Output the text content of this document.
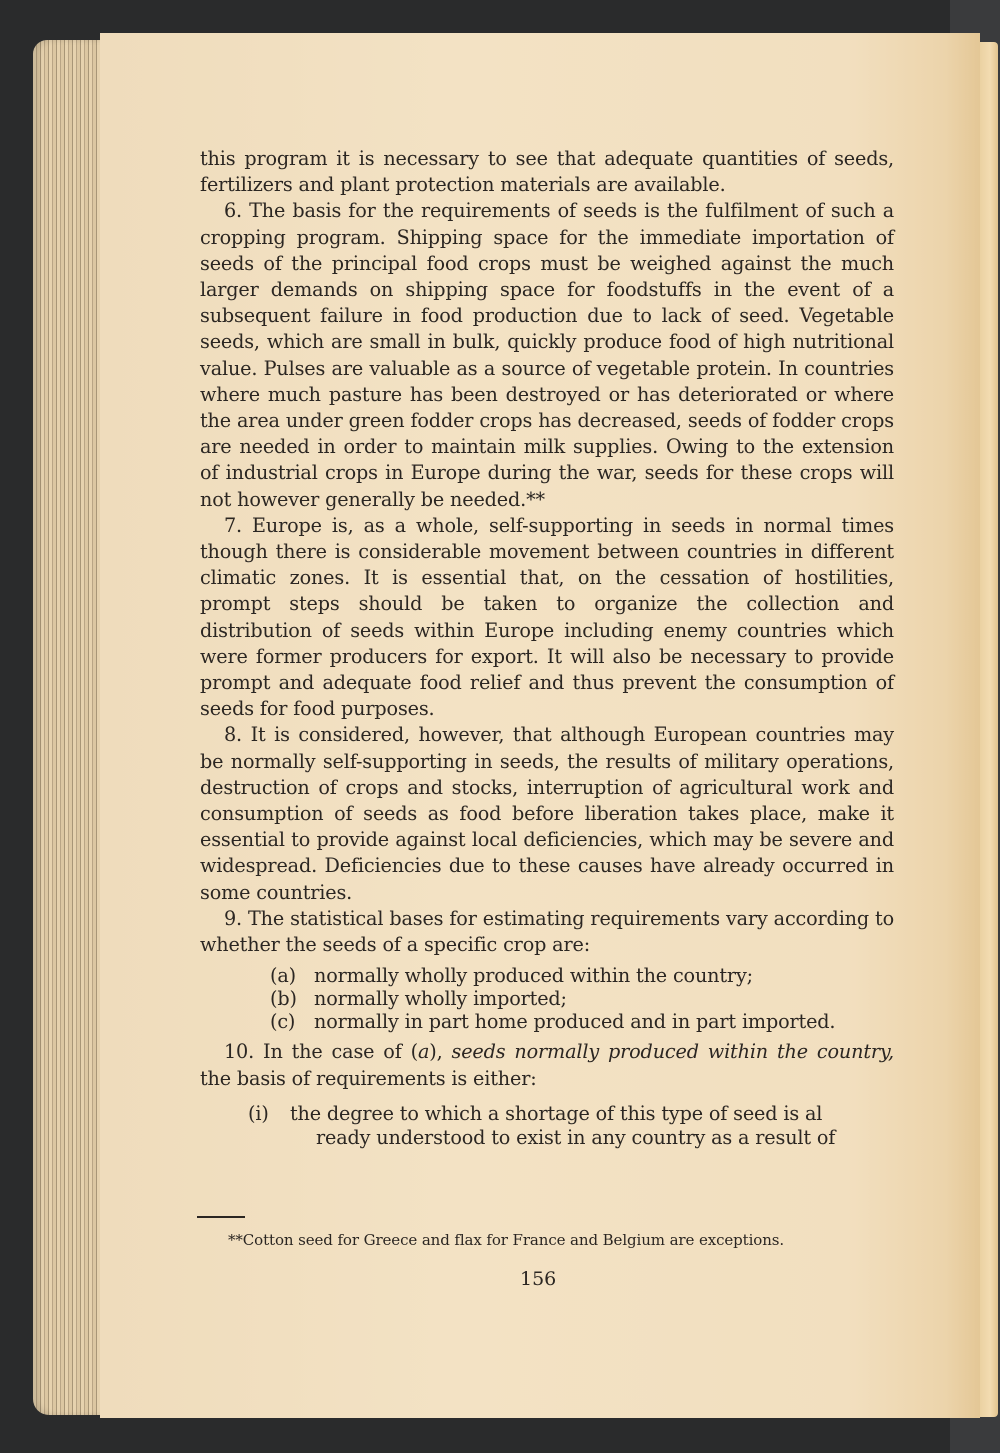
this program it is necessary to see that adequate quantities of seeds, fertilizers and plant protection materials are available.

6. The basis for the requirements of seeds is the fulfilment of such a cropping program. Shipping space for the immediate importation of seeds of the principal food crops must be weighed against the much larger demands on shipping space for foodstuffs in the event of a subsequent failure in food production due to lack of seed. Vegetable seeds, which are small in bulk, quickly produce food of high nutritional value. Pulses are valuable as a source of vegetable protein. In countries where much pasture has been destroyed or has deteriorated or where the area under green fodder crops has decreased, seeds of fodder crops are needed in order to maintain milk supplies. Owing to the extension of industrial crops in Europe during the war, seeds for these crops will not however generally be needed.**

7. Europe is, as a whole, self-supporting in seeds in normal times though there is considerable movement between countries in different climatic zones. It is essential that, on the cessation of hostilities, prompt steps should be taken to organize the collection and distribution of seeds within Europe including enemy countries which were former producers for export. It will also be necessary to provide prompt and adequate food relief and thus prevent the consumption of seeds for food purposes.

8. It is considered, however, that although European countries may be normally self-supporting in seeds, the results of military operations, destruction of crops and stocks, interruption of agricultural work and consumption of seeds as food before liberation takes place, make it essential to provide against local deficiencies, which may be severe and widespread. Deficiencies due to these causes have already occurred in some countries.

9. The statistical bases for estimating requirements vary according to whether the seeds of a specific crop are:

(a) normally wholly produced within the country;
(b) normally wholly imported;
(c) normally in part home produced and in part imported.

10. In the case of (a), seeds normally produced within the country, the basis of requirements is either:

(i)	the degree to which a shortage of this type of seed is al
ready understood to exist in any country as a result of
**Cotton seed for Greece and flax for France and Belgium are exceptions.
156
